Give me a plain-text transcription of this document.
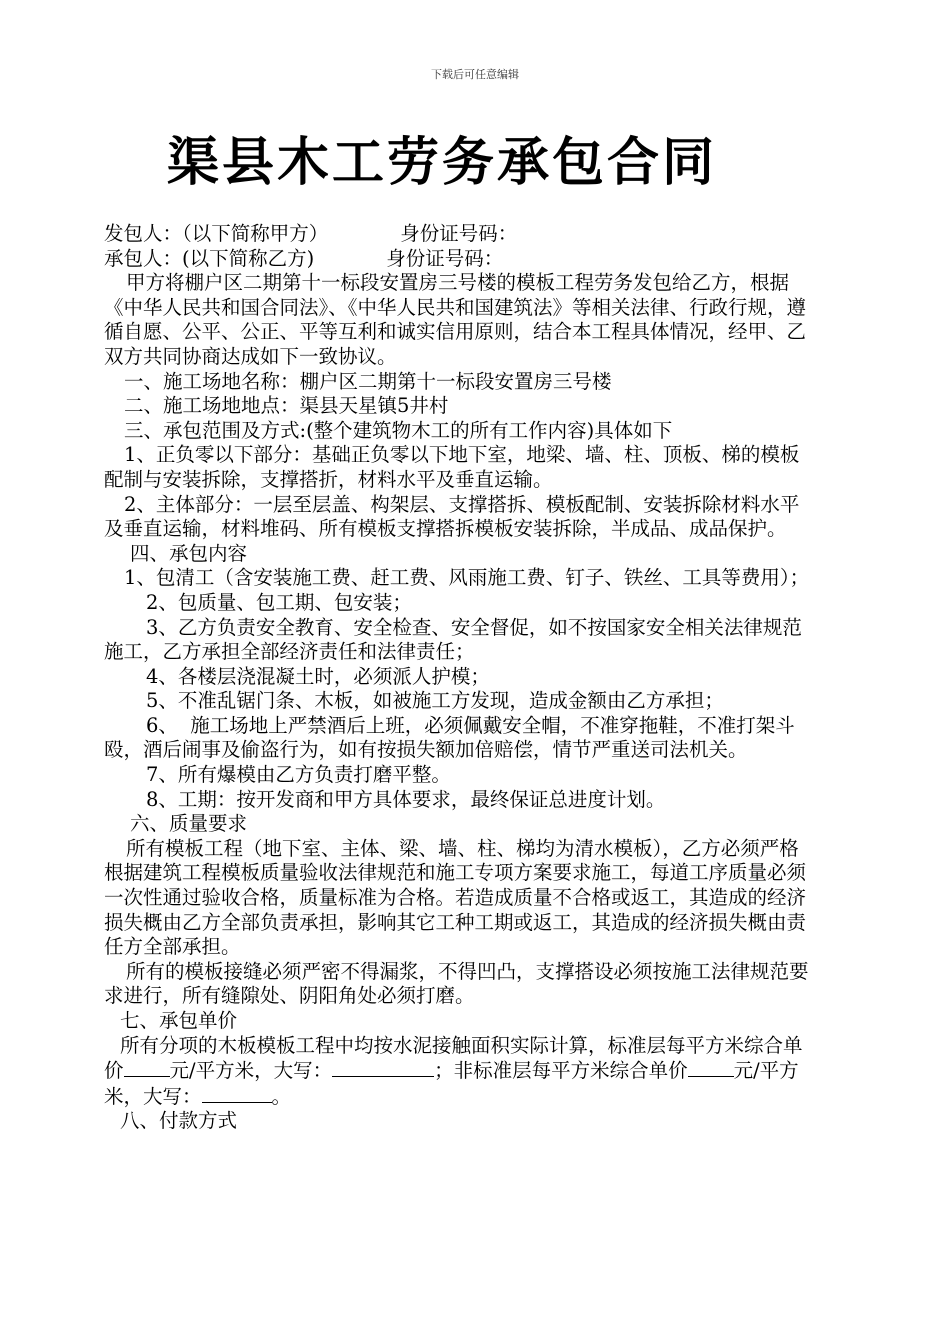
下载后可任意编辑
渠县木工劳务承包合同

发包人：（以下简称甲方）	身份证号码：

承包人：(以下简称乙方)	身份证号码：

甲方将棚户区二期第十一标段安置房三号楼的模板工程劳务发包给乙方，根据《中华人民共和国合同法》、《中华人民共和国建筑法》等相关法律、行政行规，遵循自愿、公平、公正、平等互利和诚实信用原则，结合本工程具体情况，经甲、乙双方共同协商达成如下一致协议。

一、施工场地名称：棚户区二期第十一标段安置房三号楼

二、施工场地地点：渠县天星镇5井村

三、承包范围及方式:(整个建筑物木工的所有工作内容)具体如下

1、正负零以下部分：基础正负零以下地下室，地梁、墙、柱、顶板、梯的模板配制与安装拆除，支撑搭折，材料水平及垂直运输。

2、主体部分：一层至层盖、构架层、支撑搭拆、模板配制、安装拆除材料水平及垂直运输，材料堆码、所有模板支撑搭拆模板安装拆除，半成品、成品保护。

四、承包内容

1、包清工（含安装施工费、赶工费、风雨施工费、钉子、铁丝、工具等费用）；

2、包质量、包工期、包安装；

3、乙方负责安全教育、安全检查、安全督促，如不按国家安全相关法律规范施工，乙方承担全部经济责任和法律责任；

4、各楼层浇混凝土时，必须派人护模；

5、不准乱锯门条、木板，如被施工方发现，造成金额由乙方承担；

6、  施工场地上严禁酒后上班，必须佩戴安全帽，不准穿拖鞋，不准打架斗殴，酒后闹事及偷盗行为，如有按损失额加倍赔偿，情节严重送司法机关。

7、所有爆模由乙方负责打磨平整。

8、工期：按开发商和甲方具体要求，最终保证总进度计划。

六、质量要求

所有模板工程（地下室、主体、梁、墙、柱、梯均为清水模板），乙方必须严格根据建筑工程模板质量验收法律规范和施工专项方案要求施工，每道工序质量必须一次性通过验收合格，质量标准为合格。若造成质量不合格或返工，其造成的经济损失概由乙方全部负责承担，影响其它工种工期或返工，其造成的经济损失概由责任方全部承担。

所有的模板接缝必须严密不得漏浆，不得凹凸，支撑搭设必须按施工法律规范要求进行，所有缝隙处、阴阳角处必须打磨。

七、承包单价

所有分项的木板模板工程中均按水泥接触面积实际计算，标准层每平方米综合单价 元/平方米，大写：	；非标准层每平方米综合单价 元/平方米，大写：	。

八、付款方式
